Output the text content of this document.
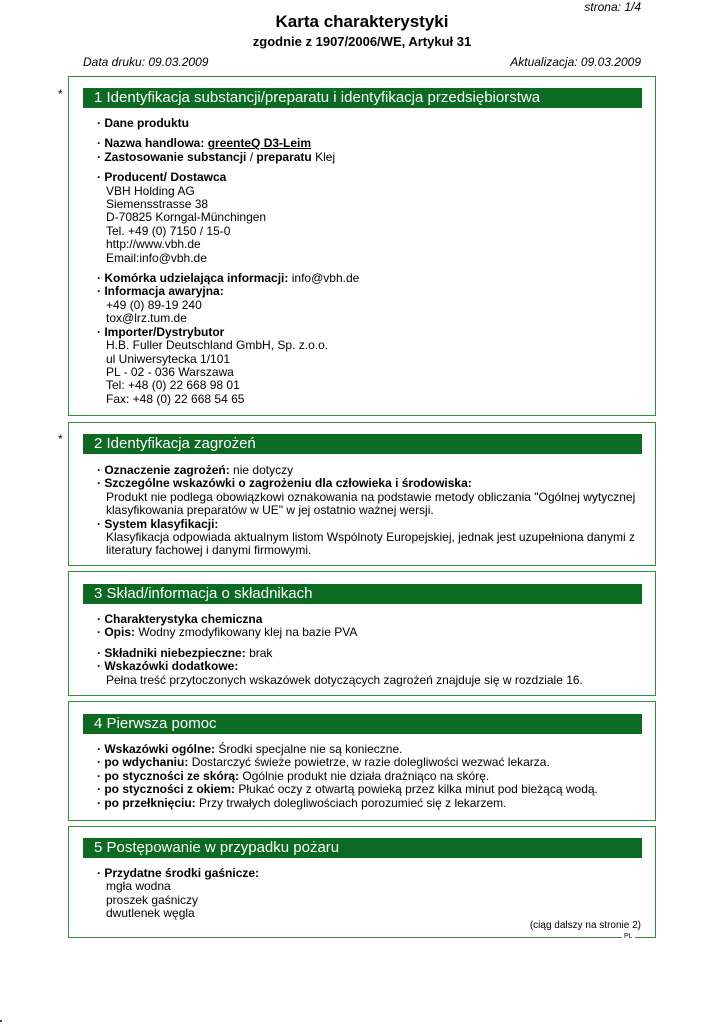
strona: 1/4
Karta charakterystyki
zgodnie z 1907/2006/WE, Artykuł 31
Data druku: 09.03.2009	Aktualizacja: 09.03.2009
*	1 Identyfikacja substancji/preparatu i identyfikacja przedsiębiorstwa

· Dane produktu

· Nazwa handlowa: greenteQ D3-Leim

· Zastosowanie substancji / preparatu Klej

· Producent/ Dostawca

VBH Holding AG
Siemensstrasse 38
D-70825 Korngal-Münchingen
Tel. +49 (0) 7150 / 15-0
http://www.vbh.de
Email:info@vbh.de

· Komórka udzielająca informacji: info@vbh.de

· Informacja awaryjna:

+49 (0) 89-19 240
tox@lrz.tum.de

· Importer/Dystrybutor

H.B. Fuller Deutschland GmbH, Sp. z.o.o.
ul Uniwersytecka 1/101
PL - 02 - 036 Warszawa
Tel: +48 (0) 22 668 98 01
Fax: +48 (0) 22 668 54 65
*	2 Identyfikacja zagrożeń

· Oznaczenie zagrożeń: nie dotyczy

· Szczególne wskazówki o zagrożeniu dla człowieka i środowiska:

Produkt nie podlega obowiązkowi oznakowania na podstawie metody obliczania "Ogólnej wytycznej
klasyfikowania preparatów w UE" w jej ostatnio ważnej wersji.

· System klasyfikacji:

Klasyfikacja odpowiada aktualnym listom Wspólnoty Europejskiej, jednak jest uzupełniona danymi z
literatury fachowej i danymi firmowymi.
3 Skład/informacja o składnikach

· Charakterystyka chemiczna

· Opis: Wodny zmodyfikowany klej na bazie PVA

· Składniki niebezpieczne: brak

· Wskazówki dodatkowe:

Pełna treść przytoczonych wskazówek dotyczących zagrożeń znajduje się w rozdziale 16.
4 Pierwsza pomoc

· Wskazówki ogólne: Środki specjalne nie są konieczne.

· po wdychaniu: Dostarczyć świeże powietrze, w razie dolegliwości wezwać lekarza.

· po styczności ze skórą: Ogólnie produkt nie działa drażniąco na skórę.

· po styczności z okiem: Płukać oczy z otwartą powieką przez kilka minut pod bieżącą wodą.

· po przełknięciu: Przy trwałych dolegliwościach porozumieć się z lekarzem.

5 Postępowanie w przypadku pożaru

· Przydatne środki gaśnicze:

mgła wodna
proszek gaśniczy
dwutlenek węgla
(ciąg dalszy na stronie 2)
PL
